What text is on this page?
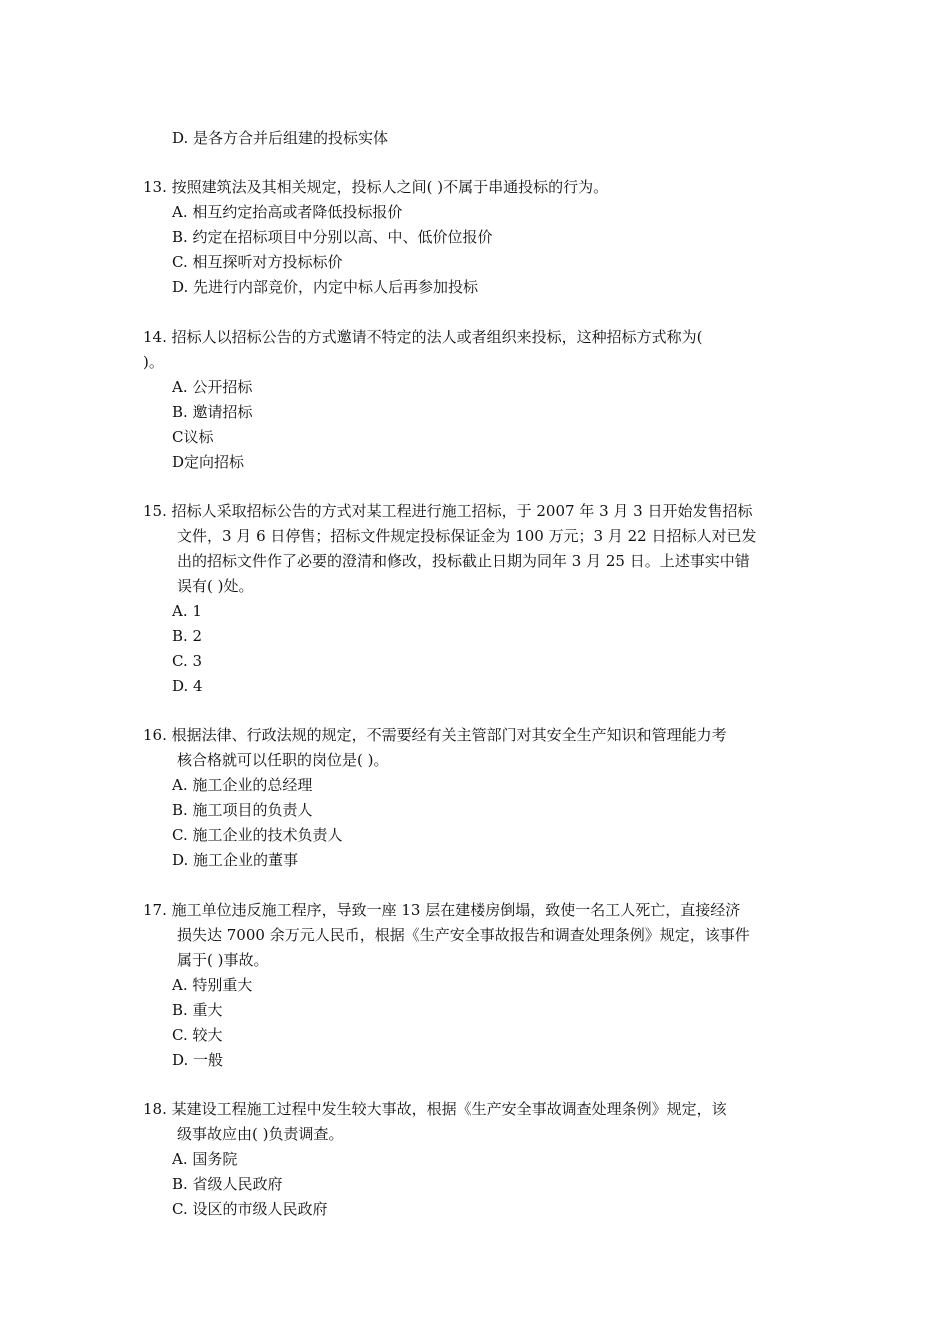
D. 是各方合并后组建的投标实体
13. 按照建筑法及其相关规定，投标人之间( )不属于串通投标的行为。
A. 相互约定抬高或者降低投标报价
B. 约定在招标项目中分别以高、中、低价位报价
C. 相互探听对方投标标价
D. 先进行内部竞价，内定中标人后再参加投标
14. 招标人以招标公告的方式邀请不特定的法人或者组织来投标，这种招标方式称为(
)。
A. 公开招标
B. 邀请招标
C议标
D定向招标
15. 招标人采取招标公告的方式对某工程进行施工招标，于 2007 年 3 月 3 日开始发售招标
文件，3 月 6 日停售；招标文件规定投标保证金为 100 万元；3 月 22 日招标人对已发
出的招标文件作了必要的澄清和修改，投标截止日期为同年 3 月 25 日。上述事实中错
误有( )处。
A. 1
B. 2
C. 3
D. 4
16. 根据法律、行政法规的规定，不需要经有关主管部门对其安全生产知识和管理能力考
核合格就可以任职的岗位是( )。
A. 施工企业的总经理
B. 施工项目的负责人
C. 施工企业的技术负责人
D. 施工企业的董事
17. 施工单位违反施工程序，导致一座 13 层在建楼房倒塌，致使一名工人死亡，直接经济
损失达 7000 余万元人民币，根据《生产安全事故报告和调查处理条例》规定，该事件
属于( )事故。
A. 特别重大
B. 重大
C. 较大
D. 一般
18. 某建设工程施工过程中发生较大事故，根据《生产安全事故调查处理条例》规定，该
级事故应由( )负责调查。
A. 国务院
B. 省级人民政府
C. 设区的市级人民政府
